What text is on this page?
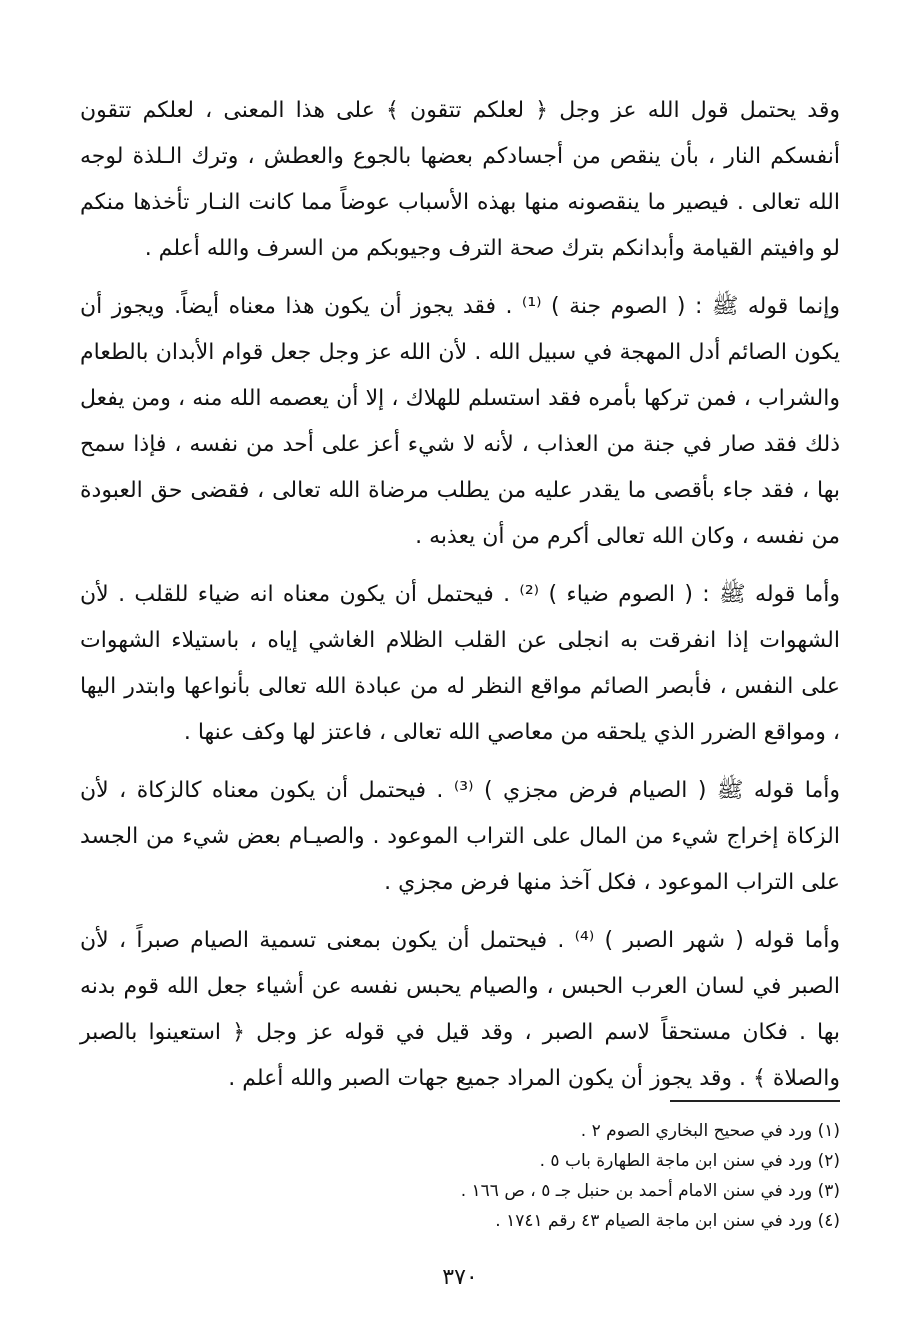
وقد يحتمل قول الله عز وجل ﴿ لعلكم تتقون ﴾ على هذا المعنى ، لعلكم تتقون أنفسكم النار ، بأن ينقص من أجسادكم بعضها بالجوع والعطش ، وترك الـلذة لوجه الله تعالى . فيصير ما ينقصونه منها بهذه الأسباب عوضاً مما كانت النـار تأخذها منكم لو وافيتم القيامة وأبدانكم بترك صحة الترف وجيوبكم من السرف والله أعلم .

وإنما قوله ﷺ : ( الصوم جنة ) ⁽¹⁾ . فقد يجوز أن يكون هذا معناه أيضاً. ويجوز أن يكون الصائم أدل المهجة في سبيل الله . لأن الله عز وجل جعل قوام الأبدان بالطعام والشراب ، فمن تركها بأمره فقد استسلم للهلاك ، إلا أن يعصمه الله منه ، ومن يفعل ذلك فقد صار في جنة من العذاب ، لأنه لا شيء أعز على أحد من نفسه ، فإذا سمح بها ، فقد جاء بأقصى ما يقدر عليه من يطلب مرضاة الله تعالى ، فقضى حق العبودة من نفسه ، وكان الله تعالى أكرم من أن يعذبه .

وأما قوله ﷺ : ( الصوم ضياء ) ⁽²⁾ . فيحتمل أن يكون معناه انه ضياء للقلب . لأن الشهوات إذا انفرقت به انجلى عن القلب الظلام الغاشي إياه ، باستيلاء الشهوات على النفس ، فأبصر الصائم مواقع النظر له من عبادة الله تعالى بأنواعها وابتدر اليها ، ومواقع الضرر الذي يلحقه من معاصي الله تعالى ، فاعتز لها وكف عنها .

وأما قوله ﷺ ( الصيام فرض مجزي ) ⁽³⁾ . فيحتمل أن يكون معناه كالزكاة ، لأن الزكاة إخراج شيء من المال على التراب الموعود . والصيـام بعض شيء من الجسد على التراب الموعود ، فكل آخذ منها فرض مجزي .

وأما قوله ( شهر الصبر ) ⁽⁴⁾ . فيحتمل أن يكون بمعنى تسمية الصيام صبراً ، لأن الصبر في لسان العرب الحبس ، والصيام يحبس نفسه عن أشياء جعل الله قوم بدنه بها . فكان مستحقاً لاسم الصبر ، وقد قيل في قوله عز وجل ﴿ استعينوا بالصبر والصلاة ﴾ . وقد يجوز أن يكون المراد جميع جهات الصبر والله أعلم .

(١) ورد في صحيح البخاري الصوم ٢ .
(٢) ورد في سنن ابن ماجة الطهارة باب ٥ .
(٣) ورد في سنن الامام أحمد بن حنبل جـ ٥ ، ص ١٦٦ .
(٤) ورد في سنن ابن ماجة الصيام ٤٣ رقم ١٧٤١ .
٣٧٠
